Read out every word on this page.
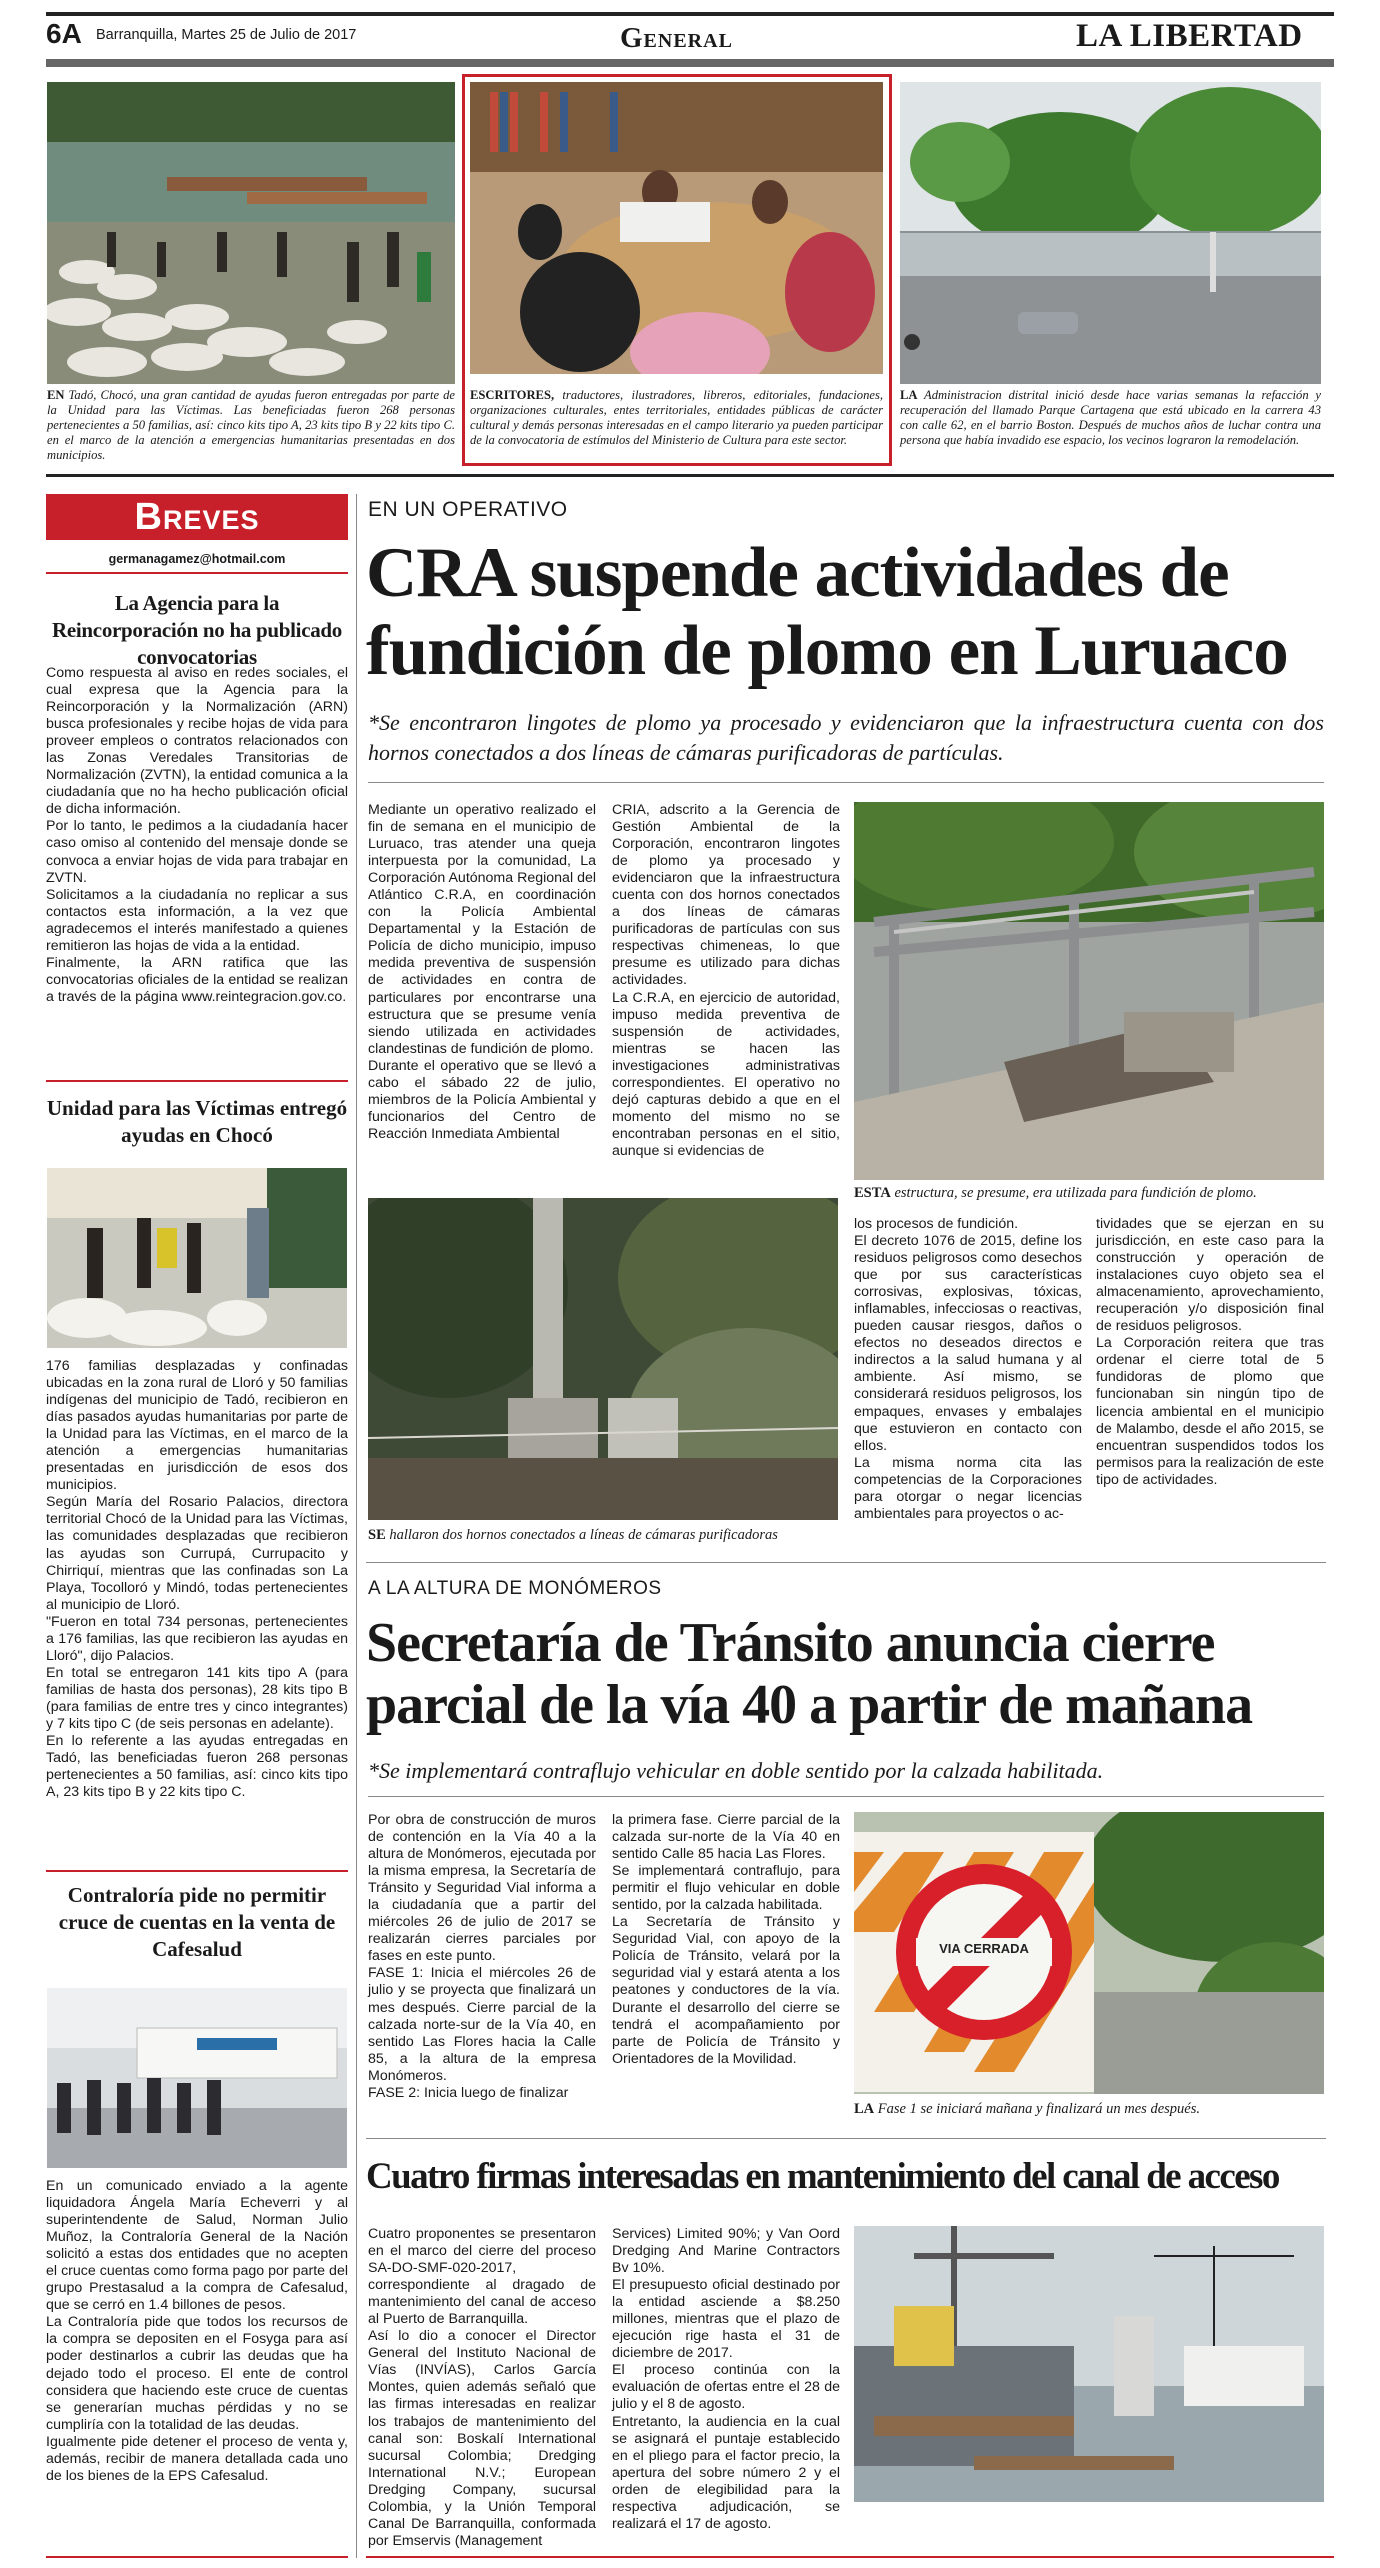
6A Barranquilla, Martes 25 de Julio de 2017	General	LA LIBERTAD
EN Tadó, Chocó, una gran cantidad de ayudas fueron entregadas por parte de la Unidad para las Víctimas. Las beneficiadas fueron 268 personas pertenecientes a 50 familias, así: cinco kits tipo A, 23 kits tipo B y 22 kits tipo C. en el marco de la atención a emergencias humanitarias presentadas en dos municipios.
ESCRITORES, traductores, ilustradores, libreros, editoriales, fundaciones, organizaciones culturales, entes territoriales, entidades públicas de carácter cultural y demás personas interesadas en el campo literario ya pueden participar de la convocatoria de estímulos del Ministerio de Cultura para este sector.
LA Administracion distrital inició desde hace varias semanas la refacción y recuperación del llamado Parque Cartagena que está ubicado en la carrera 43 con calle 62, en el barrio Boston. Después de muchos años de luchar contra una persona que había invadido ese espacio, los vecinos lograron la remodelación.
Breves
germanagamez@hotmail.com
La Agencia para la Reincorporación no ha publicado convocatorias
Como respuesta al aviso en redes sociales, el cual expresa que la Agencia para la Reincorporación y la Normalización (ARN) busca profesionales y recibe hojas de vida para proveer empleos o contratos relacionados con las Zonas Veredales Transitorias de Normalización (ZVTN), la entidad comunica a la ciudadanía que no ha hecho publicación oficial de dicha información.
Por lo tanto, le pedimos a la ciudadanía hacer caso omiso al contenido del mensaje donde se convoca a enviar hojas de vida para trabajar en ZVTN.
Solicitamos a la ciudadanía no replicar a sus contactos esta información, a la vez que agradecemos el interés manifestado a quienes remitieron las hojas de vida a la entidad.
Finalmente, la ARN ratifica que las convocatorias oficiales de la entidad se realizan a través de la página www.reintegracion.gov.co.
Unidad para las Víctimas entregó ayudas en Chocó
176 familias desplazadas y confinadas ubicadas en la zona rural de Lloró y 50 familias indígenas del municipio de Tadó, recibieron en días pasados ayudas humanitarias por parte de la Unidad para las Víctimas, en el marco de la atención a emergencias humanitarias presentadas en jurisdicción de esos dos municipios.
Según María del Rosario Palacios, directora territorial Chocó de la Unidad para las Víctimas, las comunidades desplazadas que recibieron las ayudas son Currupá, Currupacito y Chirriquí, mientras que las confinadas son La Playa, Tocolloró y Mindó, todas pertenecientes al municipio de Lloró.
"Fueron en total 734 personas, pertenecientes a 176 familias, las que recibieron las ayudas en Lloró", dijo Palacios.
En total se entregaron 141 kits tipo A (para familias de hasta dos personas), 28 kits tipo B (para familias de entre tres y cinco integrantes) y 7 kits tipo C (de seis personas en adelante).
En lo referente a las ayudas entregadas en Tadó, las beneficiadas fueron 268 personas pertenecientes a 50 familias, así: cinco kits tipo A, 23 kits tipo B y 22 kits tipo C.
Contraloría pide no permitir cruce de cuentas en la venta de Cafesalud
En un comunicado enviado a la agente liquidadora Ángela María Echeverri y al superintendente de Salud, Norman Julio Muñoz, la Contraloría General de la Nación solicitó a estas dos entidades que no acepten el cruce cuentas como forma pago por parte del grupo Prestasalud a la compra de Cafesalud, que se cerró en 1.4 billones de pesos.
La Contraloría pide que todos los recursos de la compra se depositen en el Fosyga para así poder destinarlos a cubrir las deudas que ha dejado todo el proceso. El ente de control considera que haciendo este cruce de cuentas se generarían muchas pérdidas y no se cumpliría con la totalidad de las deudas.
Igualmente pide detener el proceso de venta y, además, recibir de manera detallada cada uno de los bienes de la EPS Cafesalud.
EN UN OPERATIVO
CRA suspende actividades de
fundición de plomo en Luruaco
*Se encontraron lingotes de plomo ya procesado y evidenciaron que la infraestructura cuenta con dos hornos conectados a dos líneas de cámaras purificadoras de partículas.
Mediante un operativo realizado el fin de semana en el municipio de Luruaco, tras atender una queja interpuesta por la comunidad, La Corporación Autónoma Regional del Atlántico C.R.A, en coordinación con la Policía Ambiental Departamental y la Estación de Policía de dicho municipio, impuso medida preventiva de suspensión de actividades en contra de particulares por encontrarse una estructura que se presume venía siendo utilizada en actividades clandestinas de fundición de plomo.
Durante el operativo que se llevó a cabo el sábado 22 de julio, miembros de la Policía Ambiental y funcionarios del Centro de Reacción Inmediata Ambiental
CRIA, adscrito a la Gerencia de Gestión Ambiental de la Corporación, encontraron lingotes de plomo ya procesado y evidenciaron que la infraestructura cuenta con dos hornos conectados a dos líneas de cámaras purificadoras de partículas con sus respectivas chimeneas, lo que presume es utilizado para dichas actividades.
La C.R.A, en ejercicio de autoridad, impuso medida preventiva de suspensión de actividades, mientras se hacen las investigaciones administrativas correspondientes. El operativo no dejó capturas debido a que en el momento del mismo no se encontraban personas en el sitio, aunque si evidencias de
ESTA estructura, se presume, era utilizada para fundición de plomo.
SE hallaron dos hornos conectados a líneas de cámaras purificadoras
los procesos de fundición.
El decreto 1076 de 2015, define los residuos peligrosos como desechos que por sus características corrosivas, explosivas, tóxicas, inflamables, infecciosas o reactivas, pueden causar riesgos, daños o efectos no deseados directos e indirectos a la salud humana y al ambiente. Así mismo, se considerará residuos peligrosos, los empaques, envases y embalajes que estuvieron en contacto con ellos.
La misma norma cita las competencias de la Corporaciones para otorgar o negar licencias ambientales para proyectos o ac-
tividades que se ejerzan en su jurisdicción, en este caso para la construcción y operación de instalaciones cuyo objeto sea el almacenamiento, aprovechamiento, recuperación y/o disposición final de residuos peligrosos.
La Corporación reitera que tras ordenar el cierre total de 5 fundidoras de plomo que funcionaban sin ningún tipo de licencia ambiental en el municipio de Malambo, desde el año 2015, se encuentran suspendidos todos los permisos para la realización de este tipo de actividades.
A LA ALTURA DE MONÓMEROS
Secretaría de Tránsito anuncia cierre
parcial de la vía 40 a partir de mañana
*Se implementará contraflujo vehicular en doble sentido por la calzada habilitada.
Por obra de construcción de muros de contención en la Vía 40 a la altura de Monómeros, ejecutada por la misma empresa, la Secretaría de Tránsito y Seguridad Vial informa a la ciudadanía que a partir del miércoles 26 de julio de 2017 se realizarán cierres parciales por fases en este punto.
FASE 1: Inicia el miércoles 26 de julio y se proyecta que finalizará un mes después. Cierre parcial de la calzada norte-sur de la Vía 40, en sentido Las Flores hacia la Calle 85, a la altura de la empresa Monómeros.
FASE 2: Inicia luego de finalizar
la primera fase. Cierre parcial de la calzada sur-norte de la Vía 40 en sentido Calle 85 hacia Las Flores.
Se implementará contraflujo, para permitir el flujo vehicular en doble sentido, por la calzada habilitada.
La Secretaría de Tránsito y Seguridad Vial, con apoyo de la Policía de Tránsito, velará por la seguridad vial y estará atenta a los peatones y conductores de la vía. Durante el desarrollo del cierre se tendrá el acompañamiento por parte de Policía de Tránsito y Orientadores de la Movilidad.
VIA CERRADA
LA Fase 1 se iniciará mañana y finalizará un mes después.
Cuatro firmas interesadas en mantenimiento del canal de acceso
Cuatro proponentes se presentaron en el marco del cierre del proceso SA-DO-SMF-020-2017, correspondiente al dragado de mantenimiento del canal de acceso al Puerto de Barranquilla.
Así lo dio a conocer el Director General del Instituto Nacional de Vías (INVÍAS), Carlos García Montes, quien además señaló que las firmas interesadas en realizar los trabajos de mantenimiento del canal son: Boskalí International sucursal Colombia; Dredging International N.V.; European Dredging Company, sucursal Colombia, y la Unión Temporal Canal De Barranquilla, conformada por Emservis (Management
Services) Limited 90%; y Van Oord Dredging And Marine Contractors Bv 10%.
El presupuesto oficial destinado por la entidad asciende a $8.250 millones, mientras que el plazo de ejecución rige hasta el 31 de diciembre de 2017.
El proceso continúa con la evaluación de ofertas entre el 28 de julio y el 8 de agosto.
Entretanto, la audiencia en la cual se asignará el puntaje establecido en el pliego para el factor precio, la apertura del sobre número 2 y el orden de elegibilidad para la respectiva adjudicación, se realizará el 17 de agosto.
